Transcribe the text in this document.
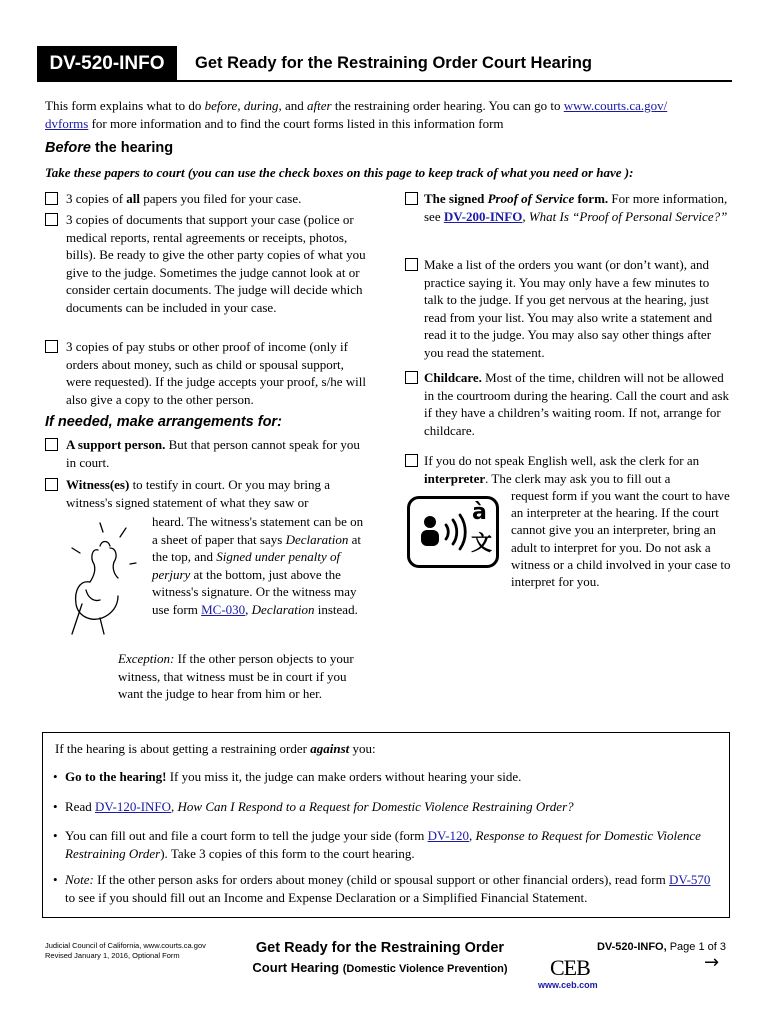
DV-520-INFO	Get Ready for the Restraining Order Court Hearing
This form explains what to do before, during, and after the restraining order hearing. You can go to www.courts.ca.gov/
dvforms for more information and to find the court forms listed in this information form
Before the hearing
Take these papers to court (you can use the check boxes on this page to keep track of what you need or have ):
3 copies of all papers you filed for your case.
3 copies of documents that support your case (police or medical reports, rental agreements or receipts, photos, bills). Be ready to give the other party copies of what you give to the judge. Sometimes the judge cannot look at or consider certain documents. The judge will decide which documents can be included in your case.
3 copies of pay stubs or other proof of income (only if orders about money, such as child or spousal support, were requested). If the judge accepts your proof, s/he will also give a copy to the other person.
If needed, make arrangements for:
A support person. But that person cannot speak for you in court.
Witness(es) to testify in court. Or you may bring a witness's signed statement of what they saw or
heard. The witness's statement can be on a sheet of paper that says Declaration at the top, and Signed under penalty of perjury at the bottom, just above the witness's signature. Or the witness may use form MC-030, Declaration instead.
Exception: If the other person objects to your witness, that witness must be in court if you want the judge to hear from him or her.
The signed Proof of Service form. For more information, see DV-200-INFO, What Is “Proof of Personal Service?”
Make a list of the orders you want (or don’t want), and practice saying it. You may only have a few minutes to talk to the judge. If you get nervous at the hearing, just read from your list. You may also write a statement and read it to the judge. You may also say other things after you read the statement.
Childcare. Most of the time, children will not be allowed in the courtroom during the hearing. Call the court and ask if they have a children’s waiting room. If not, arrange for childcare.
If you do not speak English well, ask the clerk for an interpreter. The clerk may ask you to fill out a
à
文
request form if you want the court to have an interpreter at the hearing. If the court cannot give you an interpreter, bring an adult to interpret for you. Do not ask a witness or a child involved in your case to interpret for you.
If the hearing is about getting a restraining order against you:
• Go to the hearing! If you miss it, the judge can make orders without hearing your side.
• Read DV-120-INFO, How Can I Respond to a Request for Domestic Violence Restraining Order?
• You can fill out and file a court form to tell the judge your side (form DV-120, Response to Request for Domestic Violence Restraining Order). Take 3 copies of this form to the court hearing.
• Note: If the other person asks for orders about money (child or spousal support or other financial orders), read form DV-570 to see if you should fill out an Income and Expense Declaration or a Simplified Financial Statement.
Judicial Council of California, www.courts.ca.gov
Revised January 1, 2016, Optional Form	Get Ready for the Restraining Order
Court Hearing (Domestic Violence Prevention)
DV-520-INFO, Page 1 of 3
CEB
www.ceb.com
→
